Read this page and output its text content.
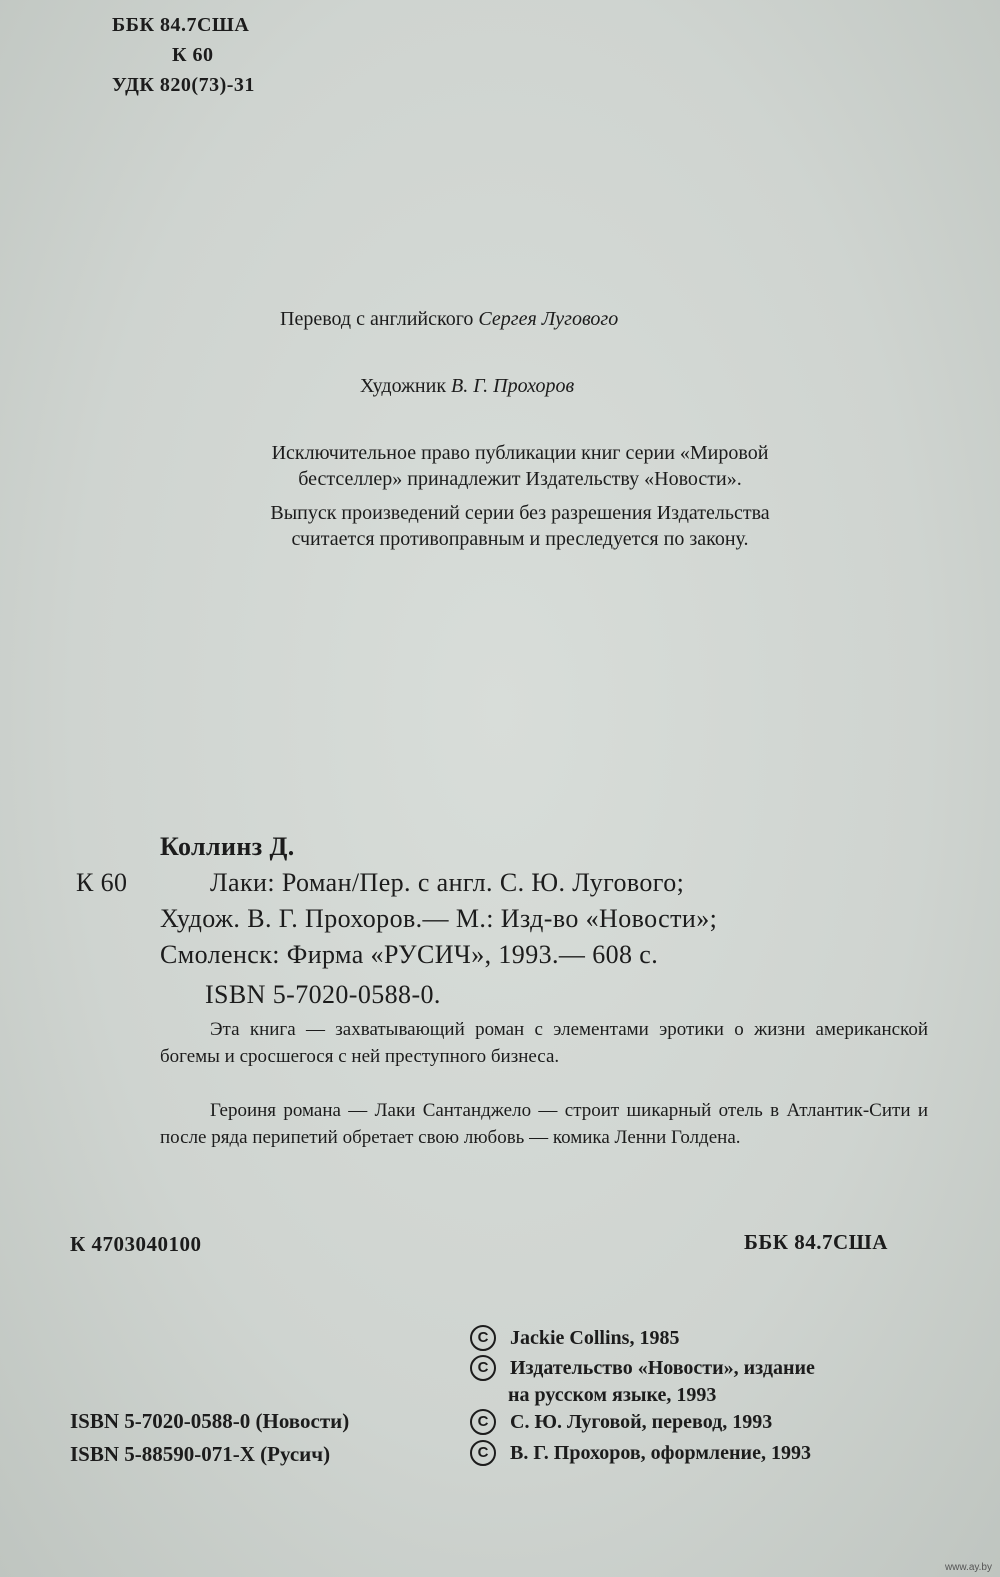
ББК 84.7США
К 60
УДК 820(73)-31
Перевод с английского Сергея Лугового
Художник В. Г. Прохоров
Исключительное право публикации книг серии «Мировой
бестселлер» принадлежит Издательству «Новости».
Выпуск произведений серии без разрешения Издательства
считается противоправным и преследуется по закону.
Коллинз Д.
К 60	Лаки: Роман/Пер. с англ. С. Ю. Лугового;
Худож. В. Г. Прохоров.— М.: Изд-во «Новости»;
Смоленск: Фирма «РУСИЧ», 1993.— 608 с.
ISBN 5-7020-0588-0.
Эта книга — захватывающий роман с элементами эротики о жизни американской богемы и сросшегося с ней преступного бизнеса.
Героиня романа — Лаки Сантанджело — строит шикарный отель в Атлантик-Сити и после ряда перипетий обретает свою любовь — комика Ленни Голдена.
К 4703040100	ББК 84.7США
ISBN 5-7020-0588-0 (Новости)
ISBN 5-88590-071-Х (Русич)
C	Jackie Collins, 1985
C	Издательство «Новости», издание
на русском языке, 1993
C	С. Ю. Луговой, перевод, 1993
C	В. Г. Прохоров, оформление, 1993
www.ay.by
